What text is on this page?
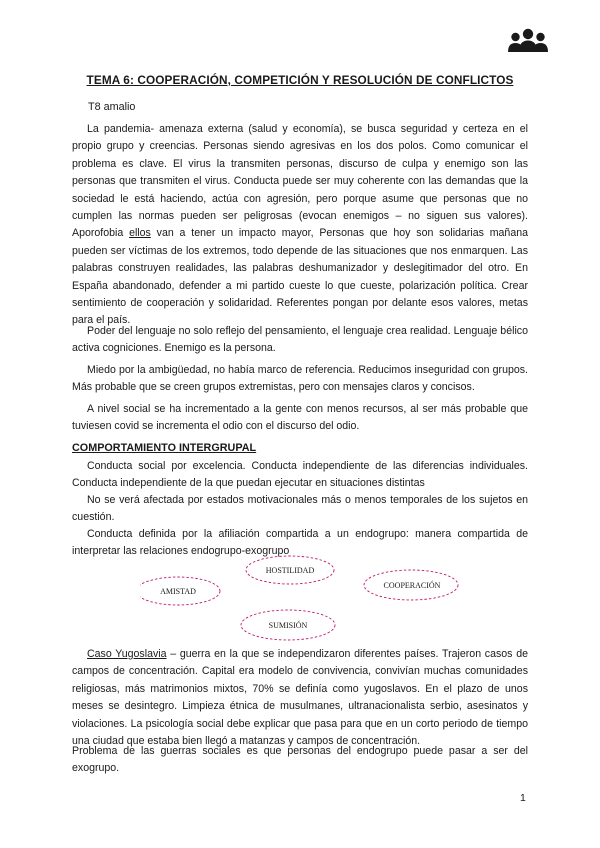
TEMA 6: COOPERACIÓN, COMPETICIÓN Y RESOLUCIÓN DE CONFLICTOS
T8 amalio

La pandemia- amenaza externa (salud y economía), se busca seguridad y certeza en el propio grupo y creencias. Personas siendo agresivas en los dos polos. Como comunicar el problema es clave. El virus la transmiten personas, discurso de culpa y enemigo son las personas que transmiten el virus. Conducta puede ser muy coherente con las demandas que la sociedad le está haciendo, actúa con agresión, pero porque asume que personas que no cumplen las normas pueden ser peligrosas (evocan enemigos – no siguen sus valores). Aporofobia ellos van a tener un impacto mayor, Personas que hoy son solidarias mañana pueden ser víctimas de los extremos, todo depende de las situaciones que nos enmarquen. Las palabras construyen realidades, las palabras deshumanizador y deslegitimador del otro. En España abandonado, defender a mi partido cueste lo que cueste, polarización política. Crear sentimiento de cooperación y solidaridad. Referentes pongan por delante esos valores, metas para el país.

Poder del lenguaje no solo reflejo del pensamiento, el lenguaje crea realidad. Lenguaje bélico activa cogniciones. Enemigo es la persona.

Miedo por la ambigüedad, no había marco de referencia. Reducimos inseguridad con grupos. Más probable que se creen grupos extremistas, pero con mensajes claros y concisos.

A nivel social se ha incrementado a la gente con menos recursos, al ser más probable que tuviesen covid se incrementa el odio con el discurso del odio.

COMPORTAMIENTO INTERGRUPAL

Conducta social por excelencia. Conducta independiente de las diferencias individuales. Conducta independiente de la que puedan ejecutar en situaciones distintas

No se verá afectada por estados motivacionales más o menos temporales de los sujetos en cuestión.

Conducta definida por la afiliación compartida a un endogrupo: manera compartida de interpretar las relaciones endogrupo-exogrupo

HOSTILIDAD
COOPERACIÓN
AMISTAD
SUMISIÓN

Caso Yugoslavia – guerra en la que se independizaron diferentes países. Trajeron casos de campos de concentración. Capital era modelo de convivencia, convivían muchas comunidades religiosas, más matrimonios mixtos, 70% se definía como yugoslavos. En el plazo de unos meses se desintegro. Limpieza étnica de musulmanes, ultranacionalista serbio, asesinatos y violaciones. La psicología social debe explicar que pasa para que en un corto periodo de tiempo una ciudad que estaba bien llegó a matanzas y campos de concentración.

Problema de las guerras sociales es que personas del endogrupo puede pasar a ser del exogrupo.

1
